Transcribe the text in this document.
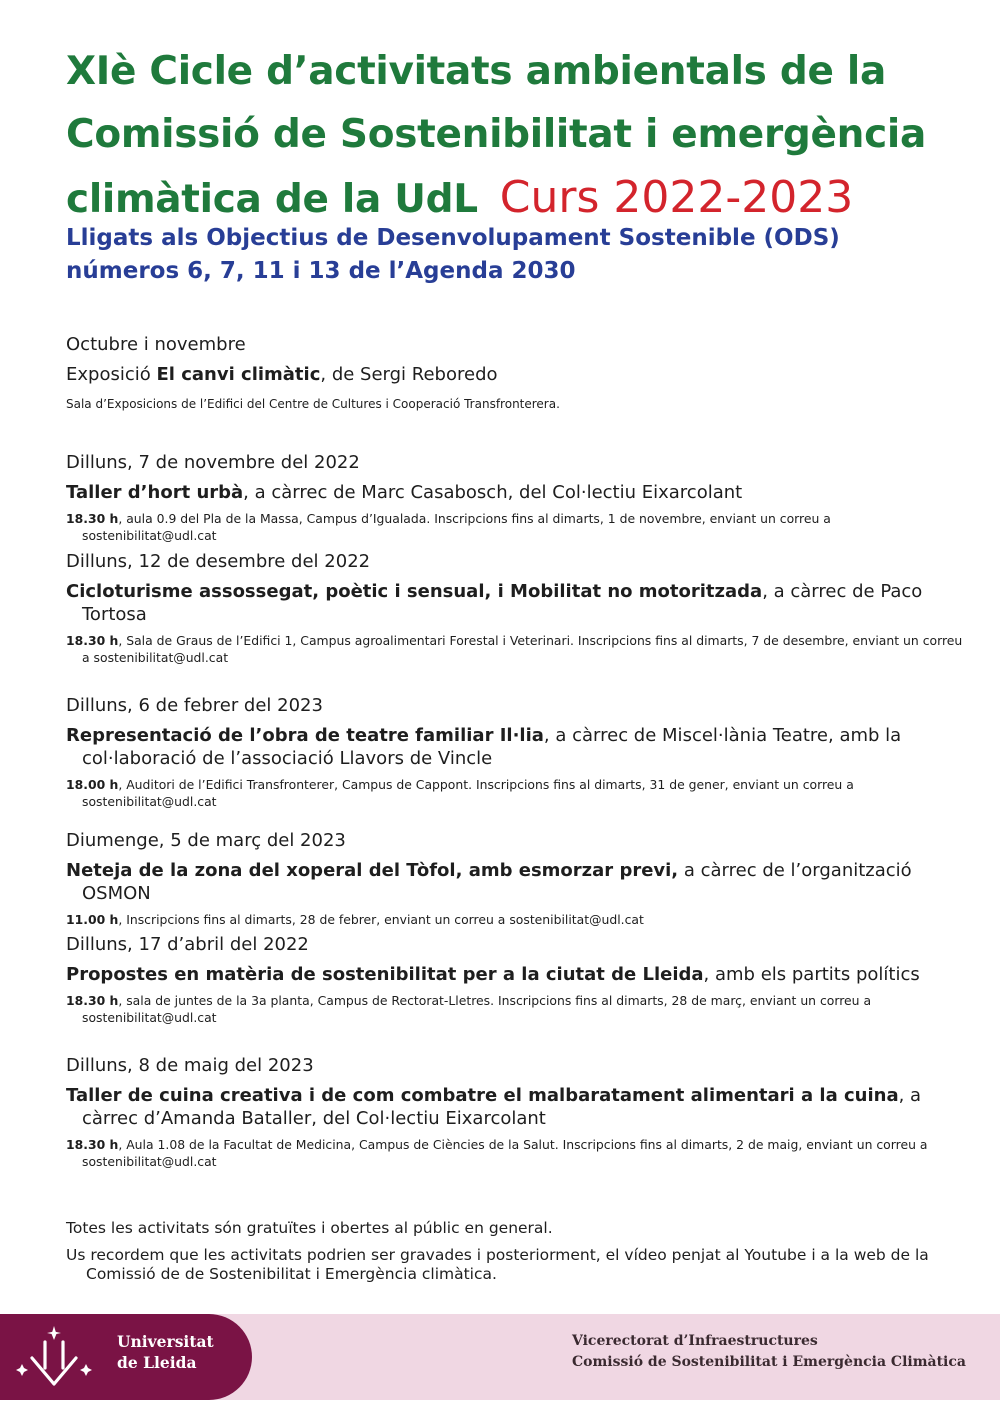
XIè Cicle d’activitats ambientals de la
Comissió de Sostenibilitat i emergència
climàtica de la UdL Curs 2022-2023
Lligats als Objectius de Desenvolupament Sostenible (ODS)
números 6, 7, 11 i 13 de l’Agenda 2030

Octubre i novembre

Exposició El canvi climàtic, de Sergi Reboredo

Sala d’Exposicions de l’Edifici del Centre de Cultures i Cooperació Transfronterera.

Dilluns, 7 de novembre del 2022

Taller d’hort urbà, a càrrec de Marc Casabosch, del Col·lectiu Eixarcolant

18.30 h, aula 0.9 del Pla de la Massa, Campus d’Igualada. Inscripcions fins al dimarts, 1 de novembre, enviant un correu a sostenibilitat@udl.cat

Dilluns, 12 de desembre del 2022

Cicloturisme assossegat, poètic i sensual, i Mobilitat no motoritzada, a càrrec de Paco Tortosa

18.30 h, Sala de Graus de l’Edifici 1, Campus agroalimentari Forestal i Veterinari. Inscripcions fins al dimarts, 7 de desembre, enviant un correu a sostenibilitat@udl.cat

Dilluns, 6 de febrer del 2023

Representació de l’obra de teatre familiar Il·lia, a càrrec de Miscel·lània Teatre, amb la col·laboració de l’associació Llavors de Vincle

18.00 h, Auditori de l’Edifici Transfronterer, Campus de Cappont. Inscripcions fins al dimarts, 31 de gener, enviant un correu a sostenibilitat@udl.cat

Diumenge, 5 de març del 2023

Neteja de la zona del xoperal del Tòfol, amb esmorzar previ, a càrrec de l’organització OSMON

11.00 h, Inscripcions fins al dimarts, 28 de febrer, enviant un correu a sostenibilitat@udl.cat

Dilluns, 17 d’abril del 2022

Propostes en matèria de sostenibilitat per a la ciutat de Lleida, amb els partits polítics

18.30 h, sala de juntes de la 3a planta, Campus de Rectorat-Lletres. Inscripcions fins al dimarts, 28 de març, enviant un correu a sostenibilitat@udl.cat

Dilluns, 8 de maig del 2023

Taller de cuina creativa i de com combatre el malbaratament alimentari a la cuina, a càrrec d’Amanda Bataller, del Col·lectiu Eixarcolant

18.30 h, Aula 1.08 de la Facultat de Medicina, Campus de Ciències de la Salut. Inscripcions fins al dimarts, 2 de maig, enviant un correu a sostenibilitat@udl.cat

Totes les activitats són gratuïtes i obertes al públic en general.

Us recordem que les activitats podrien ser gravades i posteriorment, el vídeo penjat al Youtube i a la web de la Comissió de de Sostenibilitat i Emergència climàtica.

Universitat
de Lleida
Vicerectorat d’Infraestructures
Comissió de Sostenibilitat i Emergència Climàtica
